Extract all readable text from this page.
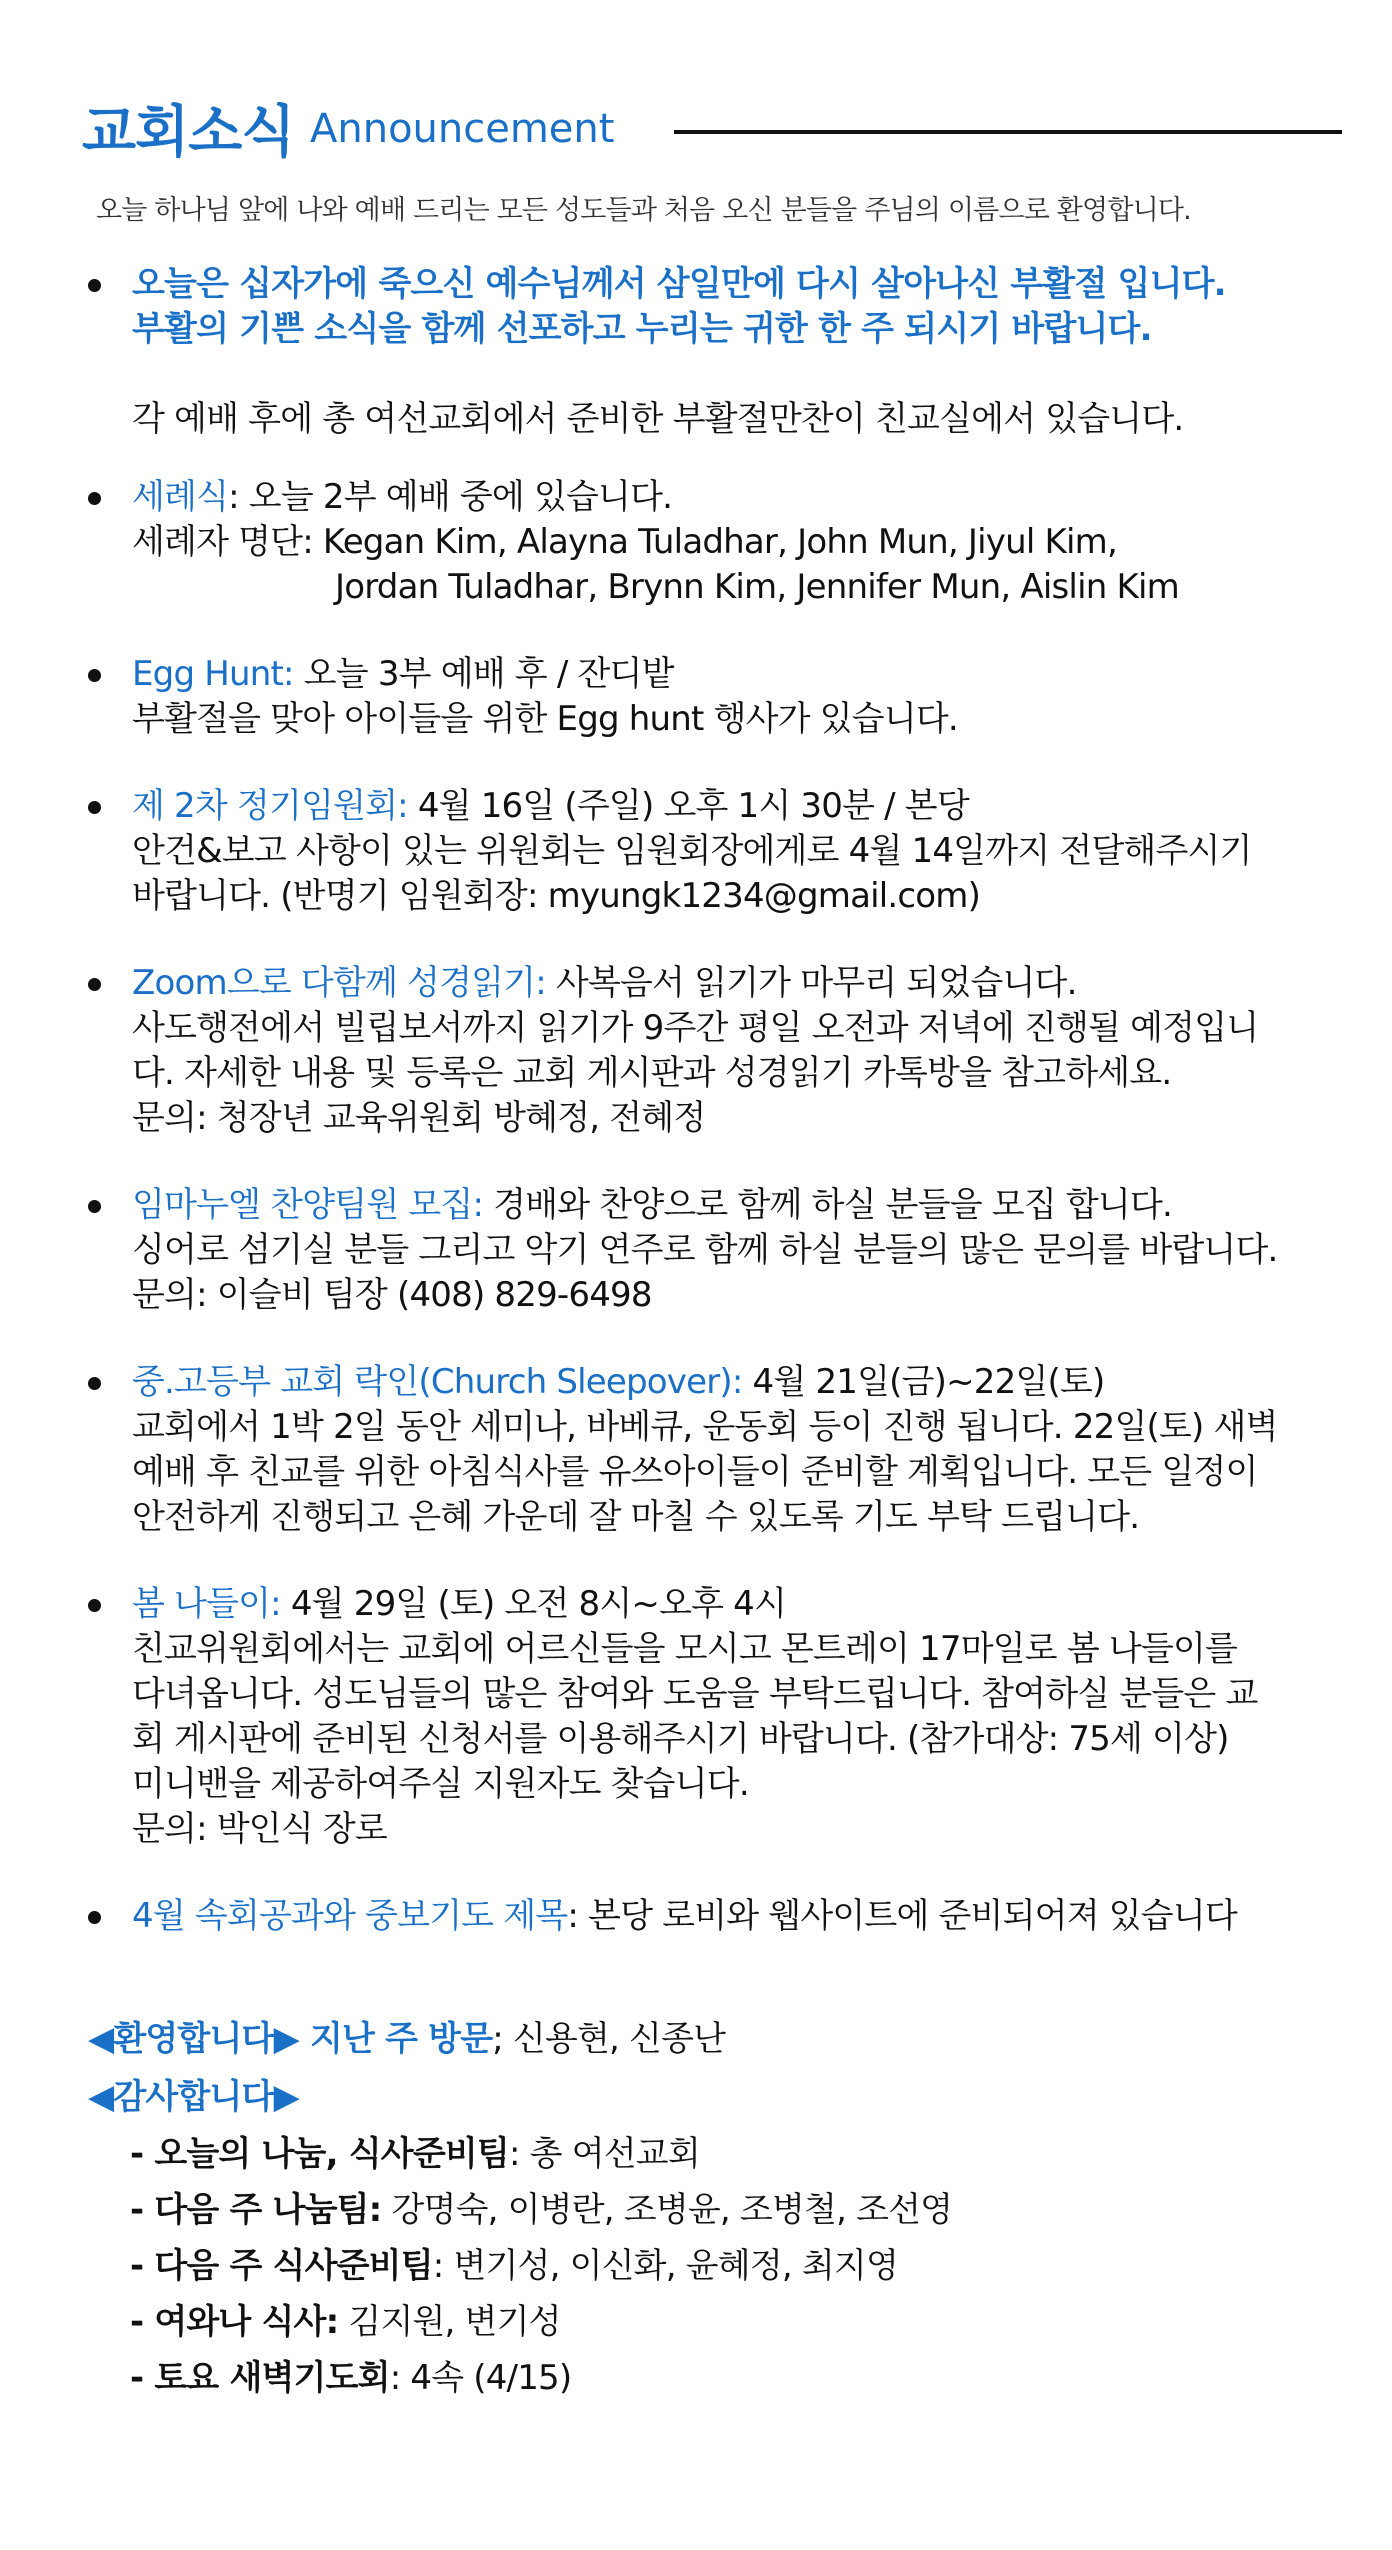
교회소식 Announcement
오늘 하나님 앞에 나와 예배 드리는 모든 성도들과 처음 오신 분들을 주님의 이름으로 환영합니다.
오늘은 십자가에 죽으신 예수님께서 삼일만에 다시 살아나신 부활절 입니다.
부활의 기쁜 소식을 함께 선포하고 누리는 귀한 한 주 되시기 바랍니다.
각 예배 후에 총 여선교회에서 준비한 부활절만찬이 친교실에서 있습니다.
세례식: 오늘 2부 예배 중에 있습니다.
세례자 명단: Kegan Kim, Alayna Tuladhar, John Mun, Jiyul Kim,
Jordan Tuladhar, Brynn Kim, Jennifer Mun, Aislin Kim
Egg Hunt: 오늘 3부 예배 후 / 잔디밭
부활절을 맞아 아이들을 위한 Egg hunt 행사가 있습니다.
제 2차 정기임원회: 4월 16일 (주일) 오후 1시 30분 / 본당
안건&보고 사항이 있는 위원회는 임원회장에게로 4월 14일까지 전달해주시기
바랍니다. (반명기 임원회장: myungk1234@gmail.com)
Zoom으로 다함께 성경읽기: 사복음서 읽기가 마무리 되었습니다.
사도행전에서 빌립보서까지 읽기가 9주간 평일 오전과 저녁에 진행될 예정입니
다. 자세한 내용 및 등록은 교회 게시판과 성경읽기 카톡방을 참고하세요.
문의: 청장년 교육위원회 방혜정, 전혜정
임마누엘 찬양팀원 모집: 경배와 찬양으로 함께 하실 분들을 모집 합니다.
싱어로 섬기실 분들 그리고 악기 연주로 함께 하실 분들의 많은 문의를 바랍니다.
문의: 이슬비 팀장 (408) 829-6498
중.고등부 교회 락인(Church Sleepover): 4월 21일(금)~22일(토)
교회에서 1박 2일 동안 세미나, 바베큐, 운동회 등이 진행 됩니다. 22일(토) 새벽
예배 후 친교를 위한 아침식사를 유쓰아이들이 준비할 계획입니다. 모든 일정이
안전하게 진행되고 은혜 가운데 잘 마칠 수 있도록 기도 부탁 드립니다.
봄 나들이: 4월 29일 (토) 오전 8시~오후 4시
친교위원회에서는 교회에 어르신들을 모시고 몬트레이 17마일로 봄 나들이를
다녀옵니다. 성도님들의 많은 참여와 도움을 부탁드립니다. 참여하실 분들은 교
회 게시판에 준비된 신청서를 이용해주시기 바랍니다. (참가대상: 75세 이상)
미니밴을 제공하여주실 지원자도 찾습니다.
문의: 박인식 장로
4월 속회공과와 중보기도 제목: 본당 로비와 웹사이트에 준비되어져 있습니다
◀환영합니다▶ 지난 주 방문; 신용현, 신종난
◀감사합니다▶
- 오늘의 나눔, 식사준비팀: 총 여선교회
- 다음 주 나눔팀: 강명숙, 이병란, 조병윤, 조병철, 조선영
- 다음 주 식사준비팀: 변기성, 이신화, 윤혜정, 최지영
- 여와나 식사: 김지원, 변기성
- 토요 새벽기도회: 4속 (4/15)
